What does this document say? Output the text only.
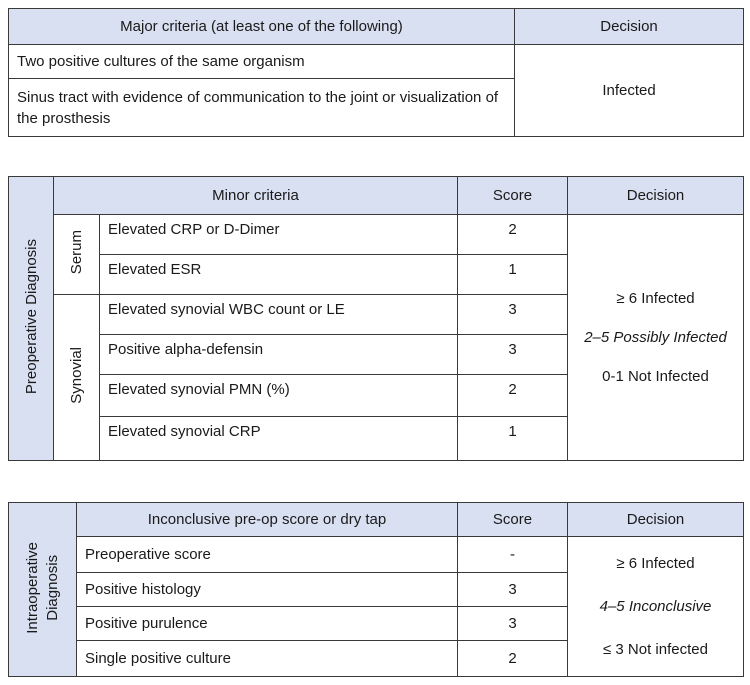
Major criteria (at least one of the following)	Decision
Two positive cultures of the same organism	Infected
Sinus tract with evidence of communication to the joint or visualization of the prosthesis	
Preoperative Diagnosis	Minor criteria		Score	Decision
	Serum	Elevated CRP or D-Dimer	2	≥ 6 Infected

2–5 Possibly Infected

0-1 Not Infected

		Elevated ESR	1	
	Synovial	Elevated synovial WBC count or LE	3	
		Positive alpha-defensin	3	
		Elevated synovial PMN (%)	2	
		Elevated synovial CRP	1	
Intraoperative Diagnosis	Inconclusive pre-op score or dry tap	Score	Decision
	Preoperative score	-	≥ 6 Infected

4–5 Inconclusive

≤ 3 Not infected

	Positive histology	3	
	Positive purulence	3	
	Single positive culture	2	
